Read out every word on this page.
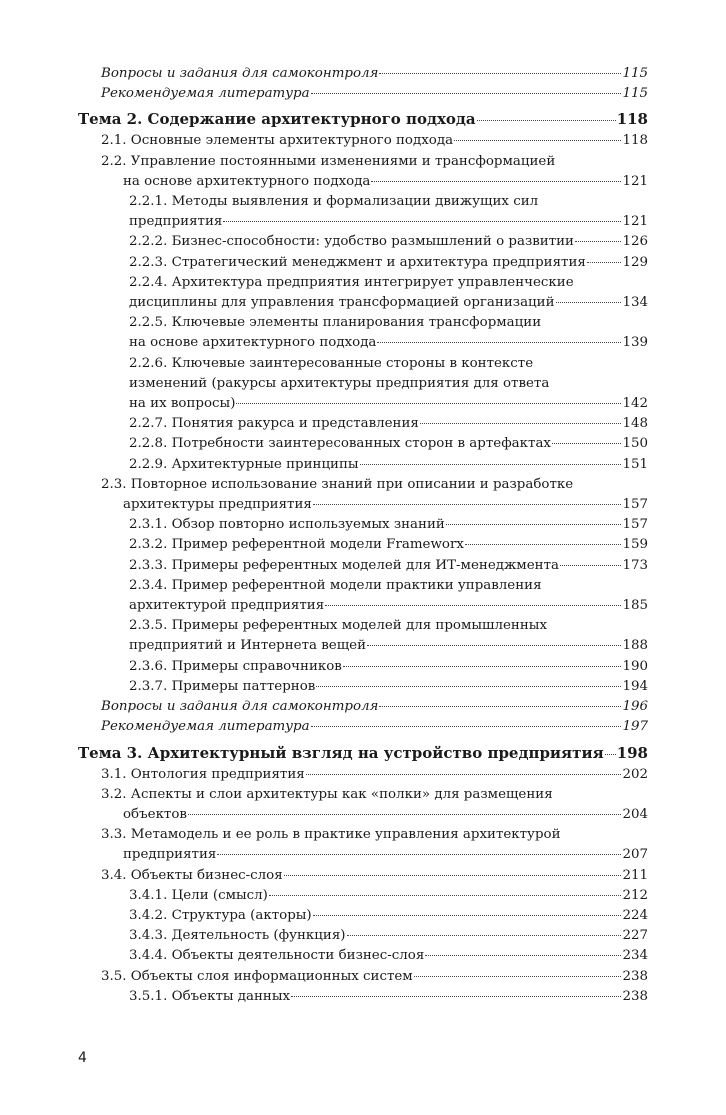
Вопросы и задания для самоконтроля	115
Рекомендуемая литература	115
Тема 2. Содержание архитектурного подхода	118
2.1. Основные элементы архитектурного подхода	118
2.2. Управление постоянными изменениями и трансформацией
на основе архитектурного подхода	121
2.2.1. Методы выявления и формализации движущих сил
предприятия	121
2.2.2. Бизнес-способности: удобство размышлений о развитии	126
2.2.3. Стратегический менеджмент и архитектура предприятия	129
2.2.4. Архитектура предприятия интегрирует управленческие
дисциплины для управления трансформацией организаций	134
2.2.5. Ключевые элементы планирования трансформации
на основе архитектурного подхода	139
2.2.6. Ключевые заинтересованные стороны в контексте
изменений (ракурсы архитектуры предприятия для ответа
на их вопросы)	142
2.2.7. Понятия ракурса и представления	148
2.2.8. Потребности заинтересованных сторон в артефактах	150
2.2.9. Архитектурные принципы	151
2.3. Повторное использование знаний при описании и разработке
архитектуры предприятия	157
2.3.1. Обзор повторно используемых знаний	157
2.3.2. Пример референтной модели Frameworx	159
2.3.3. Примеры референтных моделей для ИТ-менеджмента	173
2.3.4. Пример референтной модели практики управления
архитектурой предприятия	185
2.3.5. Примеры референтных моделей для промышленных
предприятий и Интернета вещей	188
2.3.6. Примеры справочников	190
2.3.7. Примеры паттернов	194
Вопросы и задания для самоконтроля	196
Рекомендуемая литература	197
Тема 3. Архитектурный взгляд на устройство предприятия 198
3.1. Онтология предприятия	202
3.2. Аспекты и слои архитектуры как «полки» для размещения
объектов	204
3.3. Метамодель и ее роль в практике управления архитектурой
предприятия	207
3.4. Объекты бизнес-слоя	211
3.4.1. Цели (смысл)	212
3.4.2. Структура (акторы)	224
3.4.3. Деятельность (функция)	227
3.4.4. Объекты деятельности бизнес-слоя	234
3.5. Объекты слоя информационных систем	238
3.5.1. Объекты данных	238
4
